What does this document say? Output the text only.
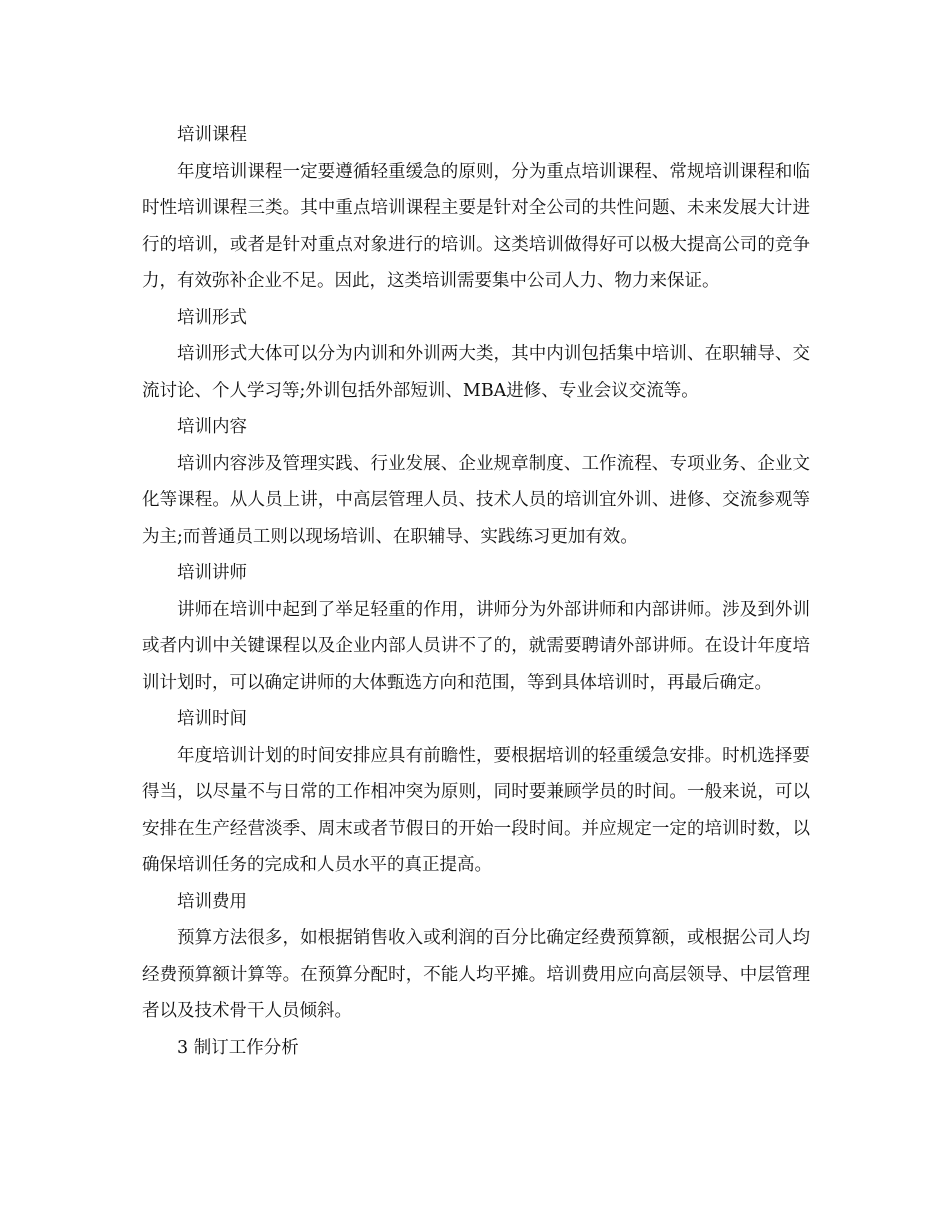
培训课程

年度培训课程一定要遵循轻重缓急的原则，分为重点培训课程、常规培训课程和临时性培训课程三类。其中重点培训课程主要是针对全公司的共性问题、未来发展大计进行的培训，或者是针对重点对象进行的培训。这类培训做得好可以极大提高公司的竞争力，有效弥补企业不足。因此，这类培训需要集中公司人力、物力来保证。

培训形式

培训形式大体可以分为内训和外训两大类，其中内训包括集中培训、在职辅导、交流讨论、个人学习等;外训包括外部短训、MBA进修、专业会议交流等。

培训内容

培训内容涉及管理实践、行业发展、企业规章制度、工作流程、专项业务、企业文化等课程。从人员上讲，中高层管理人员、技术人员的培训宜外训、进修、交流参观等为主;而普通员工则以现场培训、在职辅导、实践练习更加有效。

培训讲师

讲师在培训中起到了举足轻重的作用，讲师分为外部讲师和内部讲师。涉及到外训或者内训中关键课程以及企业内部人员讲不了的，就需要聘请外部讲师。在设计年度培训计划时，可以确定讲师的大体甄选方向和范围，等到具体培训时，再最后确定。

培训时间

年度培训计划的时间安排应具有前瞻性，要根据培训的轻重缓急安排。时机选择要得当，以尽量不与日常的工作相冲突为原则，同时要兼顾学员的时间。一般来说，可以安排在生产经营淡季、周末或者节假日的开始一段时间。并应规定一定的培训时数，以确保培训任务的完成和人员水平的真正提高。

培训费用

预算方法很多，如根据销售收入或利润的百分比确定经费预算额，或根据公司人均经费预算额计算等。在预算分配时，不能人均平摊。培训费用应向高层领导、中层管理者以及技术骨干人员倾斜。

3 制订工作分析
